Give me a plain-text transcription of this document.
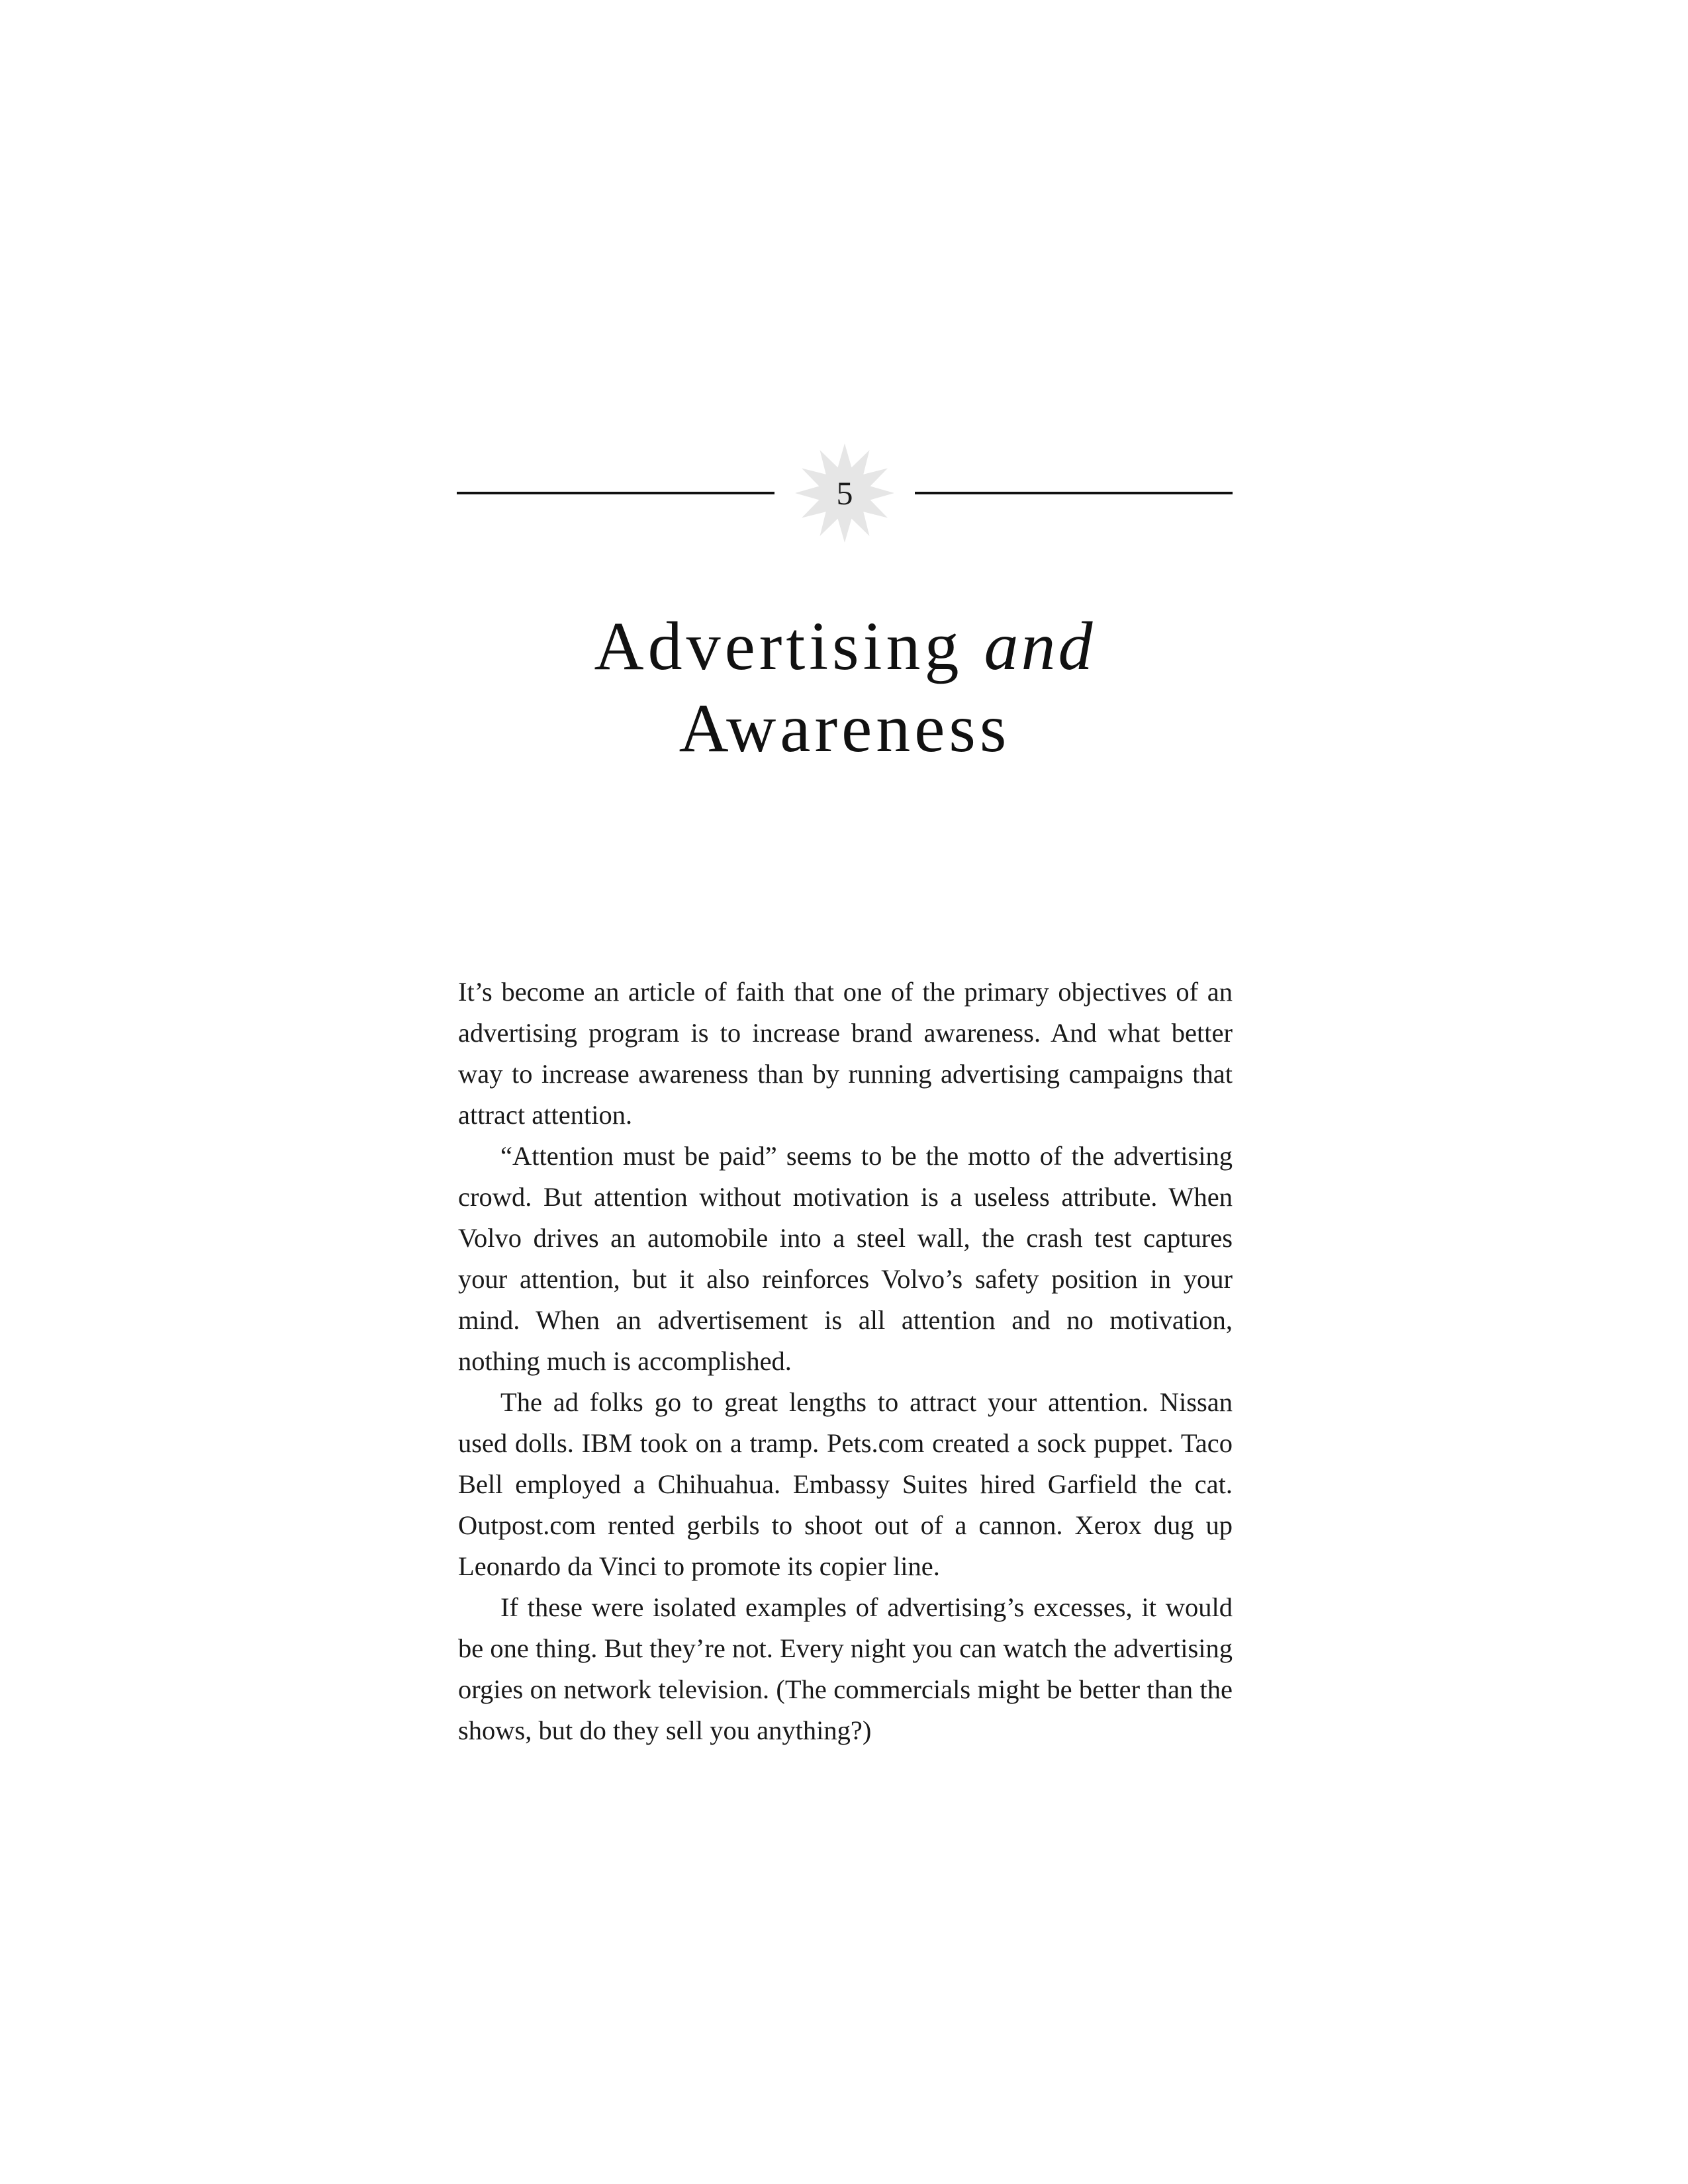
5
Advertising and
Awareness

It’s become an article of faith that one of the primary objectives of an advertising program is to increase brand awareness. And what better way to increase awareness than by running advertising campaigns that attract attention.

“Attention must be paid” seems to be the motto of the advertising crowd. But attention without motivation is a useless attribute. When Volvo drives an automobile into a steel wall, the crash test captures your attention, but it also reinforces Volvo’s safety position in your mind. When an advertisement is all attention and no motivation, nothing much is accomplished.

The ad folks go to great lengths to attract your attention. Nissan used dolls. IBM took on a tramp. Pets.com created a sock puppet. Taco Bell employed a Chihuahua. Embassy Suites hired Garfield the cat. Outpost.com rented gerbils to shoot out of a cannon. Xerox dug up Leonardo da Vinci to promote its copier line.

If these were isolated examples of advertising’s excesses, it would be one thing. But they’re not. Every night you can watch the advertising orgies on network television. (The commercials might be better than the shows, but do they sell you anything?)
